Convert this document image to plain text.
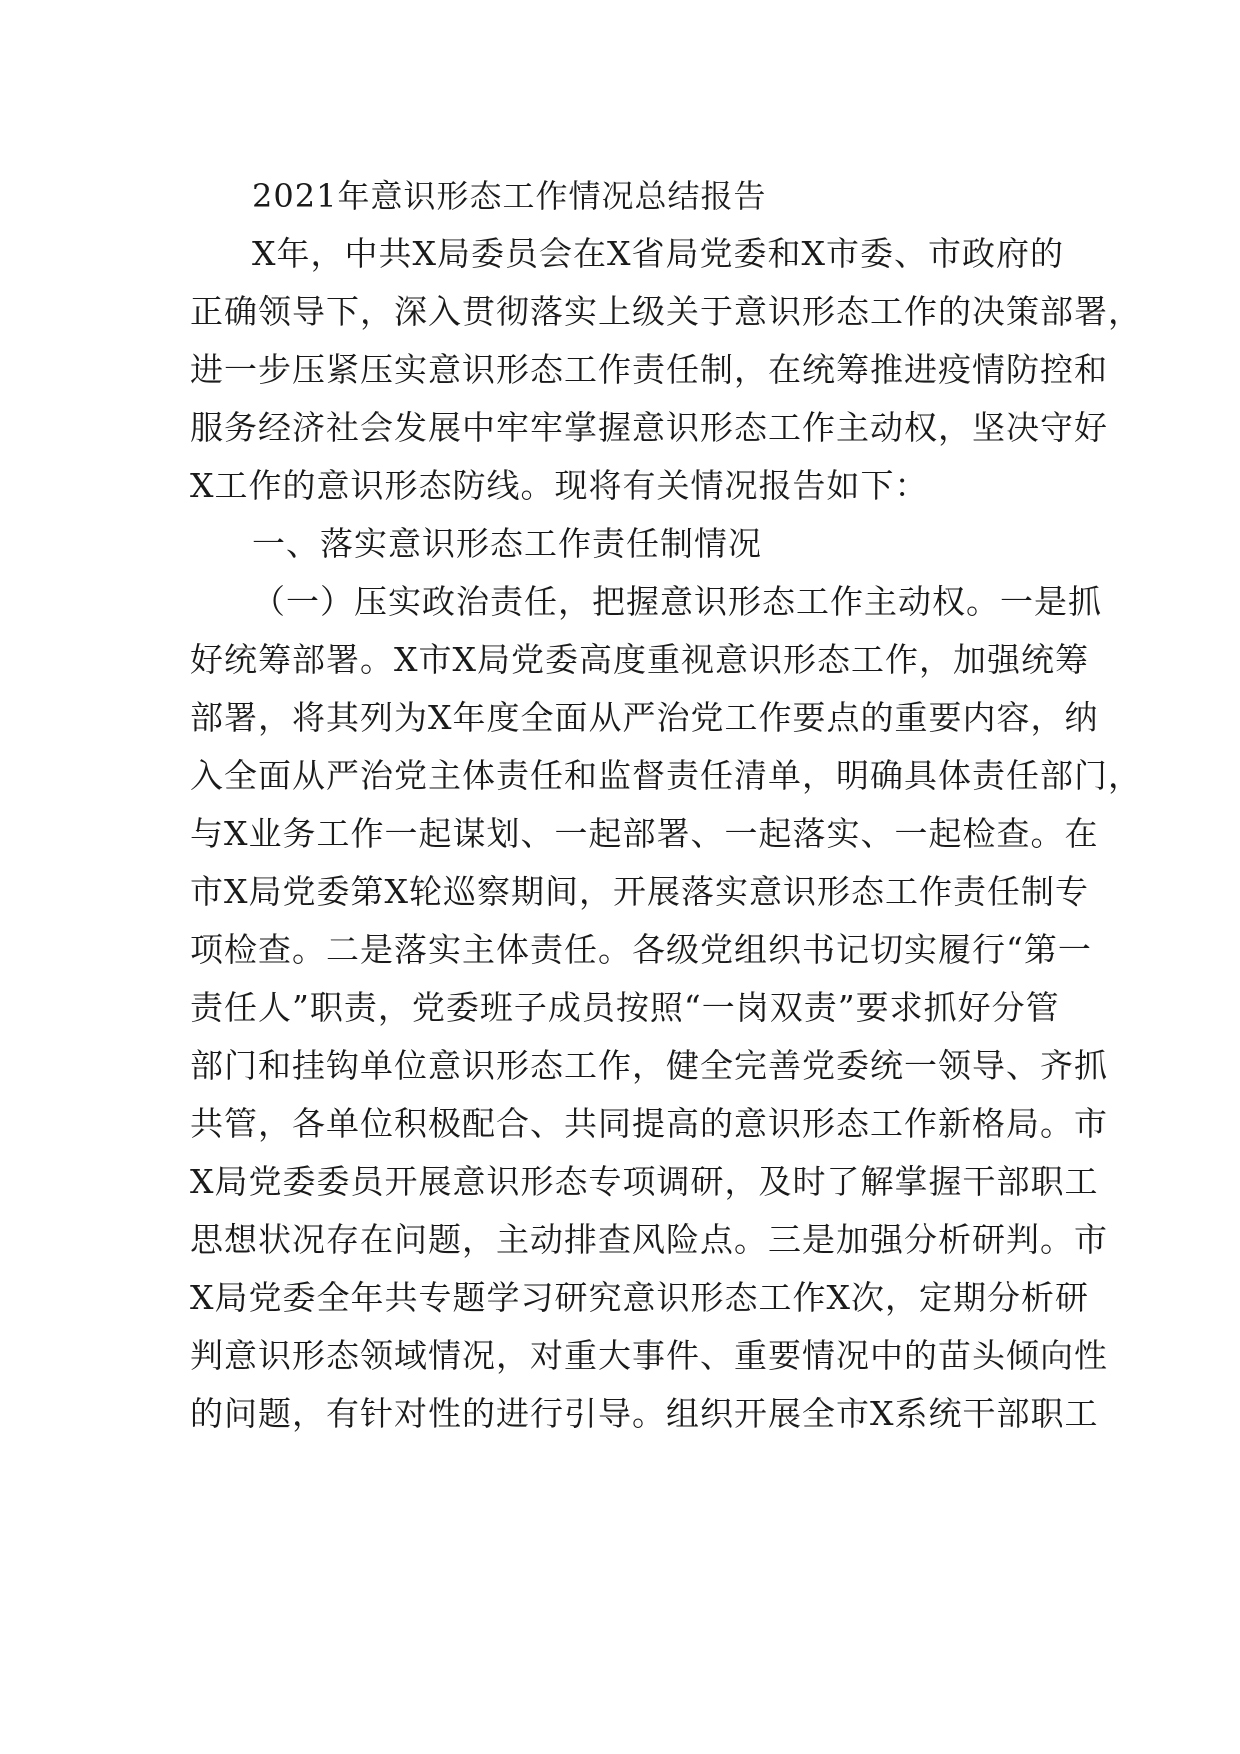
2021年意识形态工作情况总结报告
X年，中共X局委员会在X省局党委和X市委、市政府的
正确领导下，深入贯彻落实上级关于意识形态工作的决策部署，
进一步压紧压实意识形态工作责任制，在统筹推进疫情防控和
服务经济社会发展中牢牢掌握意识形态工作主动权，坚决守好
X工作的意识形态防线。现将有关情况报告如下：
一、落实意识形态工作责任制情况
（一）压实政治责任，把握意识形态工作主动权。一是抓
好统筹部署。X市X局党委高度重视意识形态工作，加强统筹
部署，将其列为X年度全面从严治党工作要点的重要内容，纳
入全面从严治党主体责任和监督责任清单，明确具体责任部门，
与X业务工作一起谋划、一起部署、一起落实、一起检查。在
市X局党委第X轮巡察期间，开展落实意识形态工作责任制专
项检查。二是落实主体责任。各级党组织书记切实履行“第一
责任人”职责，党委班子成员按照“一岗双责”要求抓好分管
部门和挂钩单位意识形态工作，健全完善党委统一领导、齐抓
共管，各单位积极配合、共同提高的意识形态工作新格局。市
X局党委委员开展意识形态专项调研，及时了解掌握干部职工
思想状况存在问题，主动排查风险点。三是加强分析研判。市
X局党委全年共专题学习研究意识形态工作X次，定期分析研
判意识形态领域情况，对重大事件、重要情况中的苗头倾向性
的问题，有针对性的进行引导。组织开展全市X系统干部职工
